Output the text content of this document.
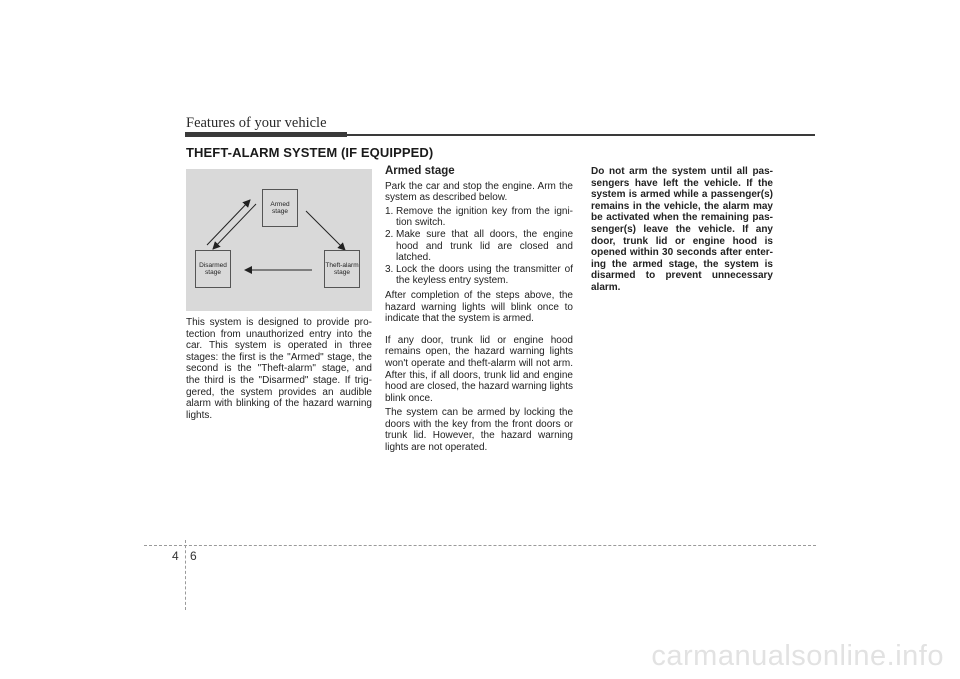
Features of your vehicle
THEFT-ALARM SYSTEM (IF EQUIPPED)
Armed
stage
Theft-alarm
stage
Disarmed
stage

This system is designed to provide pro-tection from unauthorized entry into the car. This system is operated in three stages: the first is the "Armed" stage, the second is the "Theft-alarm" stage, and the third is the "Disarmed" stage. If trig-gered, the system provides an audible alarm with blinking of the hazard warning lights.

Armed stage

Park the car and stop the engine. Arm the system as described below.

1. Remove the ignition key from the igni-tion switch.
2. Make sure that all doors, the engine hood and trunk lid are closed and latched.
3. Lock the doors using the transmitter of the keyless entry system.

After completion of the steps above, the hazard warning lights will blink once to indicate that the system is armed.

If any door, trunk lid or engine hood remains open, the hazard warning lights won't operate and theft-alarm will not arm. After this, if all doors, trunk lid and engine hood are closed, the hazard warning lights blink once.

The system can be armed by locking the doors with the key from the front doors or trunk lid. However, the hazard warning lights are not operated.

Do not arm the system until all pas-sengers have left the vehicle. If the system is armed while a passenger(s) remains in the vehicle, the alarm may be activated when the remaining pas-senger(s) leave the vehicle. If any door, trunk lid or engine hood is opened within 30 seconds after enter-ing the armed stage, the system is disarmed to prevent unnecessary alarm.

4 6
carmanualsonline.info
